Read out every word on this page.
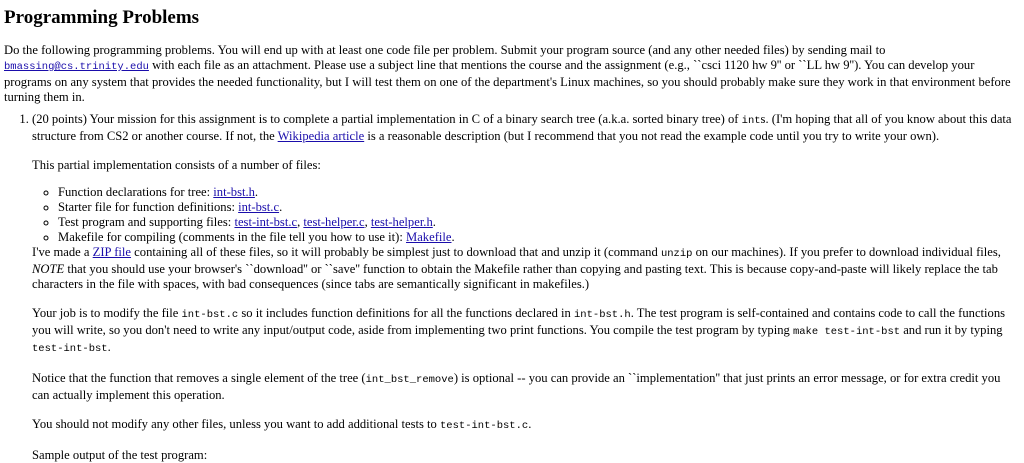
Programming Problems

Do the following programming problems. You will end up with at least one code file per problem. Submit your program source (and any other needed files) by sending mail to bmassing@cs.trinity.edu with each file as an attachment. Please use a subject line that mentions the course and the assignment (e.g., ``csci 1120 hw 9'' or ``LL hw 9''). You can develop your programs on any system that provides the needed functionality, but I will test them on one of the department's Linux machines, so you should probably make sure they work in that environment before turning them in.

1. (20 points) Your mission for this assignment is to complete a partial implementation in C of a binary search tree (a.k.a. sorted binary tree) of ints. (I'm hoping that all of you know about this data structure from CS2 or another course. If not, the Wikipedia article is a reasonable description (but I recommend that you not read the example code until you try to write your own).

This partial implementation consists of a number of files:

◦ Function declarations for tree: int-bst.h.
◦ Starter file for function definitions: int-bst.c.
◦ Test program and supporting files: test-int-bst.c, test-helper.c, test-helper.h.
◦ Makefile for compiling (comments in the file tell you how to use it): Makefile.

I've made a ZIP file containing all of these files, so it will probably be simplest just to download that and unzip it (command unzip on our machines). If you prefer to download individual files, NOTE that you should use your browser's ``download'' or ``save'' function to obtain the Makefile rather than copying and pasting text. This is because copy-and-paste will likely replace the tab characters in the file with spaces, with bad consequences (since tabs are semantically significant in makefiles.)

Your job is to modify the file int-bst.c so it includes function definitions for all the functions declared in int-bst.h. The test program is self-contained and contains code to call the functions you will write, so you don't need to write any input/output code, aside from implementing two print functions. You compile the test program by typing make test-int-bst and run it by typing test-int-bst.

Notice that the function that removes a single element of the tree (int_bst_remove) is optional -- you can provide an ``implementation'' that just prints an error message, or for extra credit you can actually implement this operation.

You should not modify any other files, unless you want to add additional tests to test-int-bst.c.

Sample output of the test program:
